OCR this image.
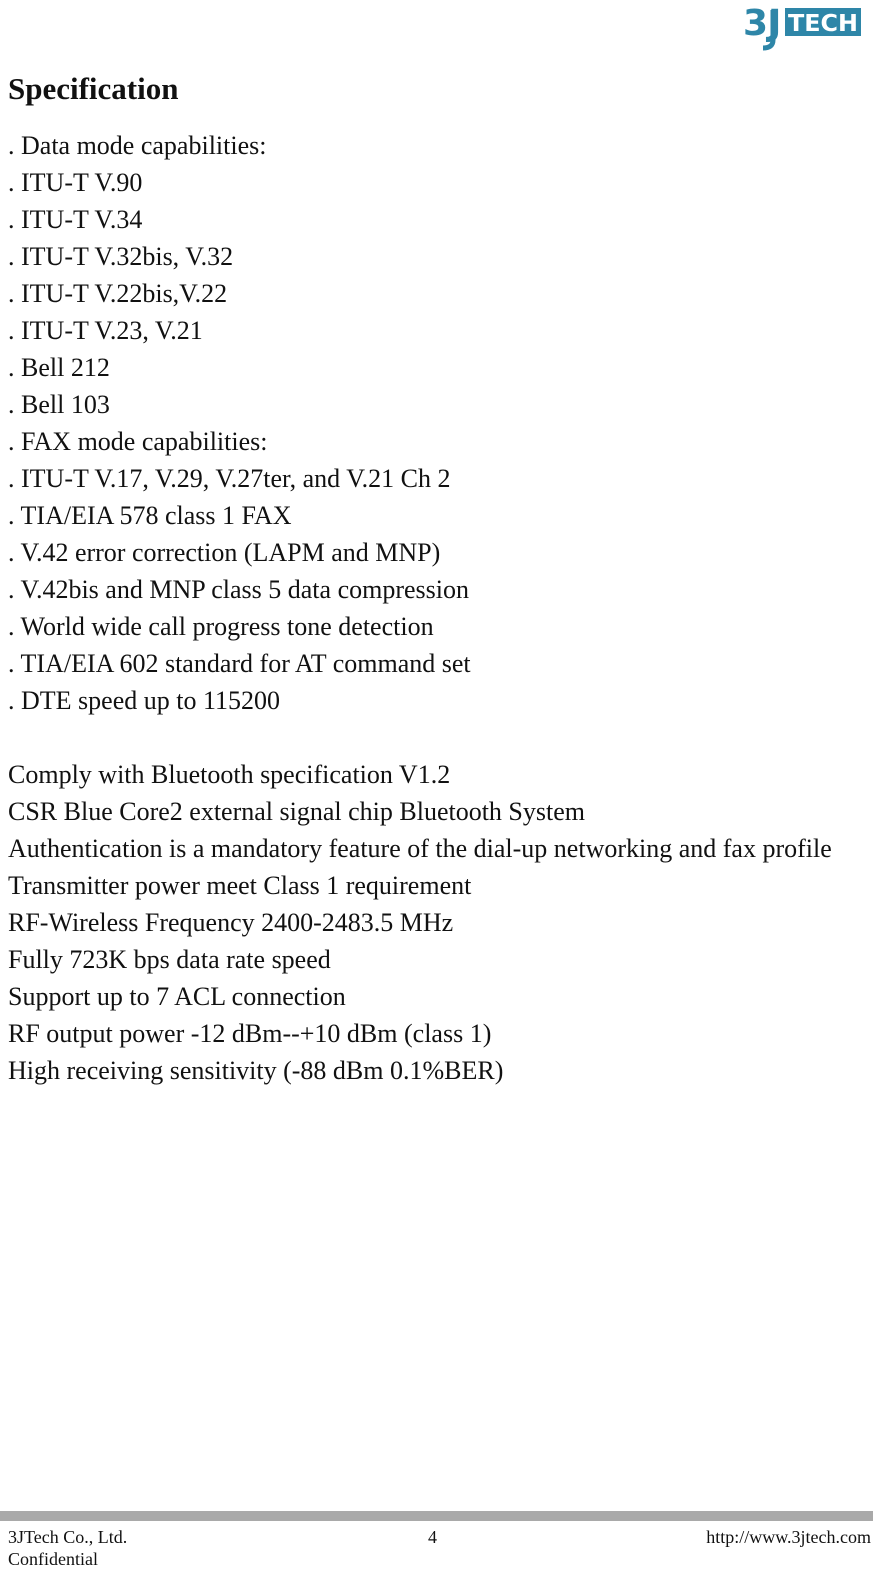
3J TECH
Specification

. Data mode capabilities:

. ITU-T V.90

. ITU-T V.34

. ITU-T V.32bis, V.32

. ITU-T V.22bis,V.22

. ITU-T V.23, V.21

. Bell 212

. Bell 103

. FAX mode capabilities:

. ITU-T V.17, V.29, V.27ter, and V.21 Ch 2

. TIA/EIA 578 class 1 FAX

. V.42 error correction (LAPM and MNP)

. V.42bis and MNP class 5 data compression

. World wide call progress tone detection

. TIA/EIA 602 standard for AT command set

. DTE speed up to 115200

Comply with Bluetooth specification V1.2

CSR Blue Core2 external signal chip Bluetooth System

Authentication is a mandatory feature of the dial-up networking and fax profile

Transmitter power meet Class 1 requirement

RF-Wireless Frequency 2400-2483.5 MHz

Fully 723K bps data rate speed

Support up to 7 ACL connection

RF output power -12 dBm--+10 dBm (class 1)

High receiving sensitivity (-88 dBm 0.1%BER)

3JTech Co., Ltd.	4	http://www.3jtech.com
Confidential
